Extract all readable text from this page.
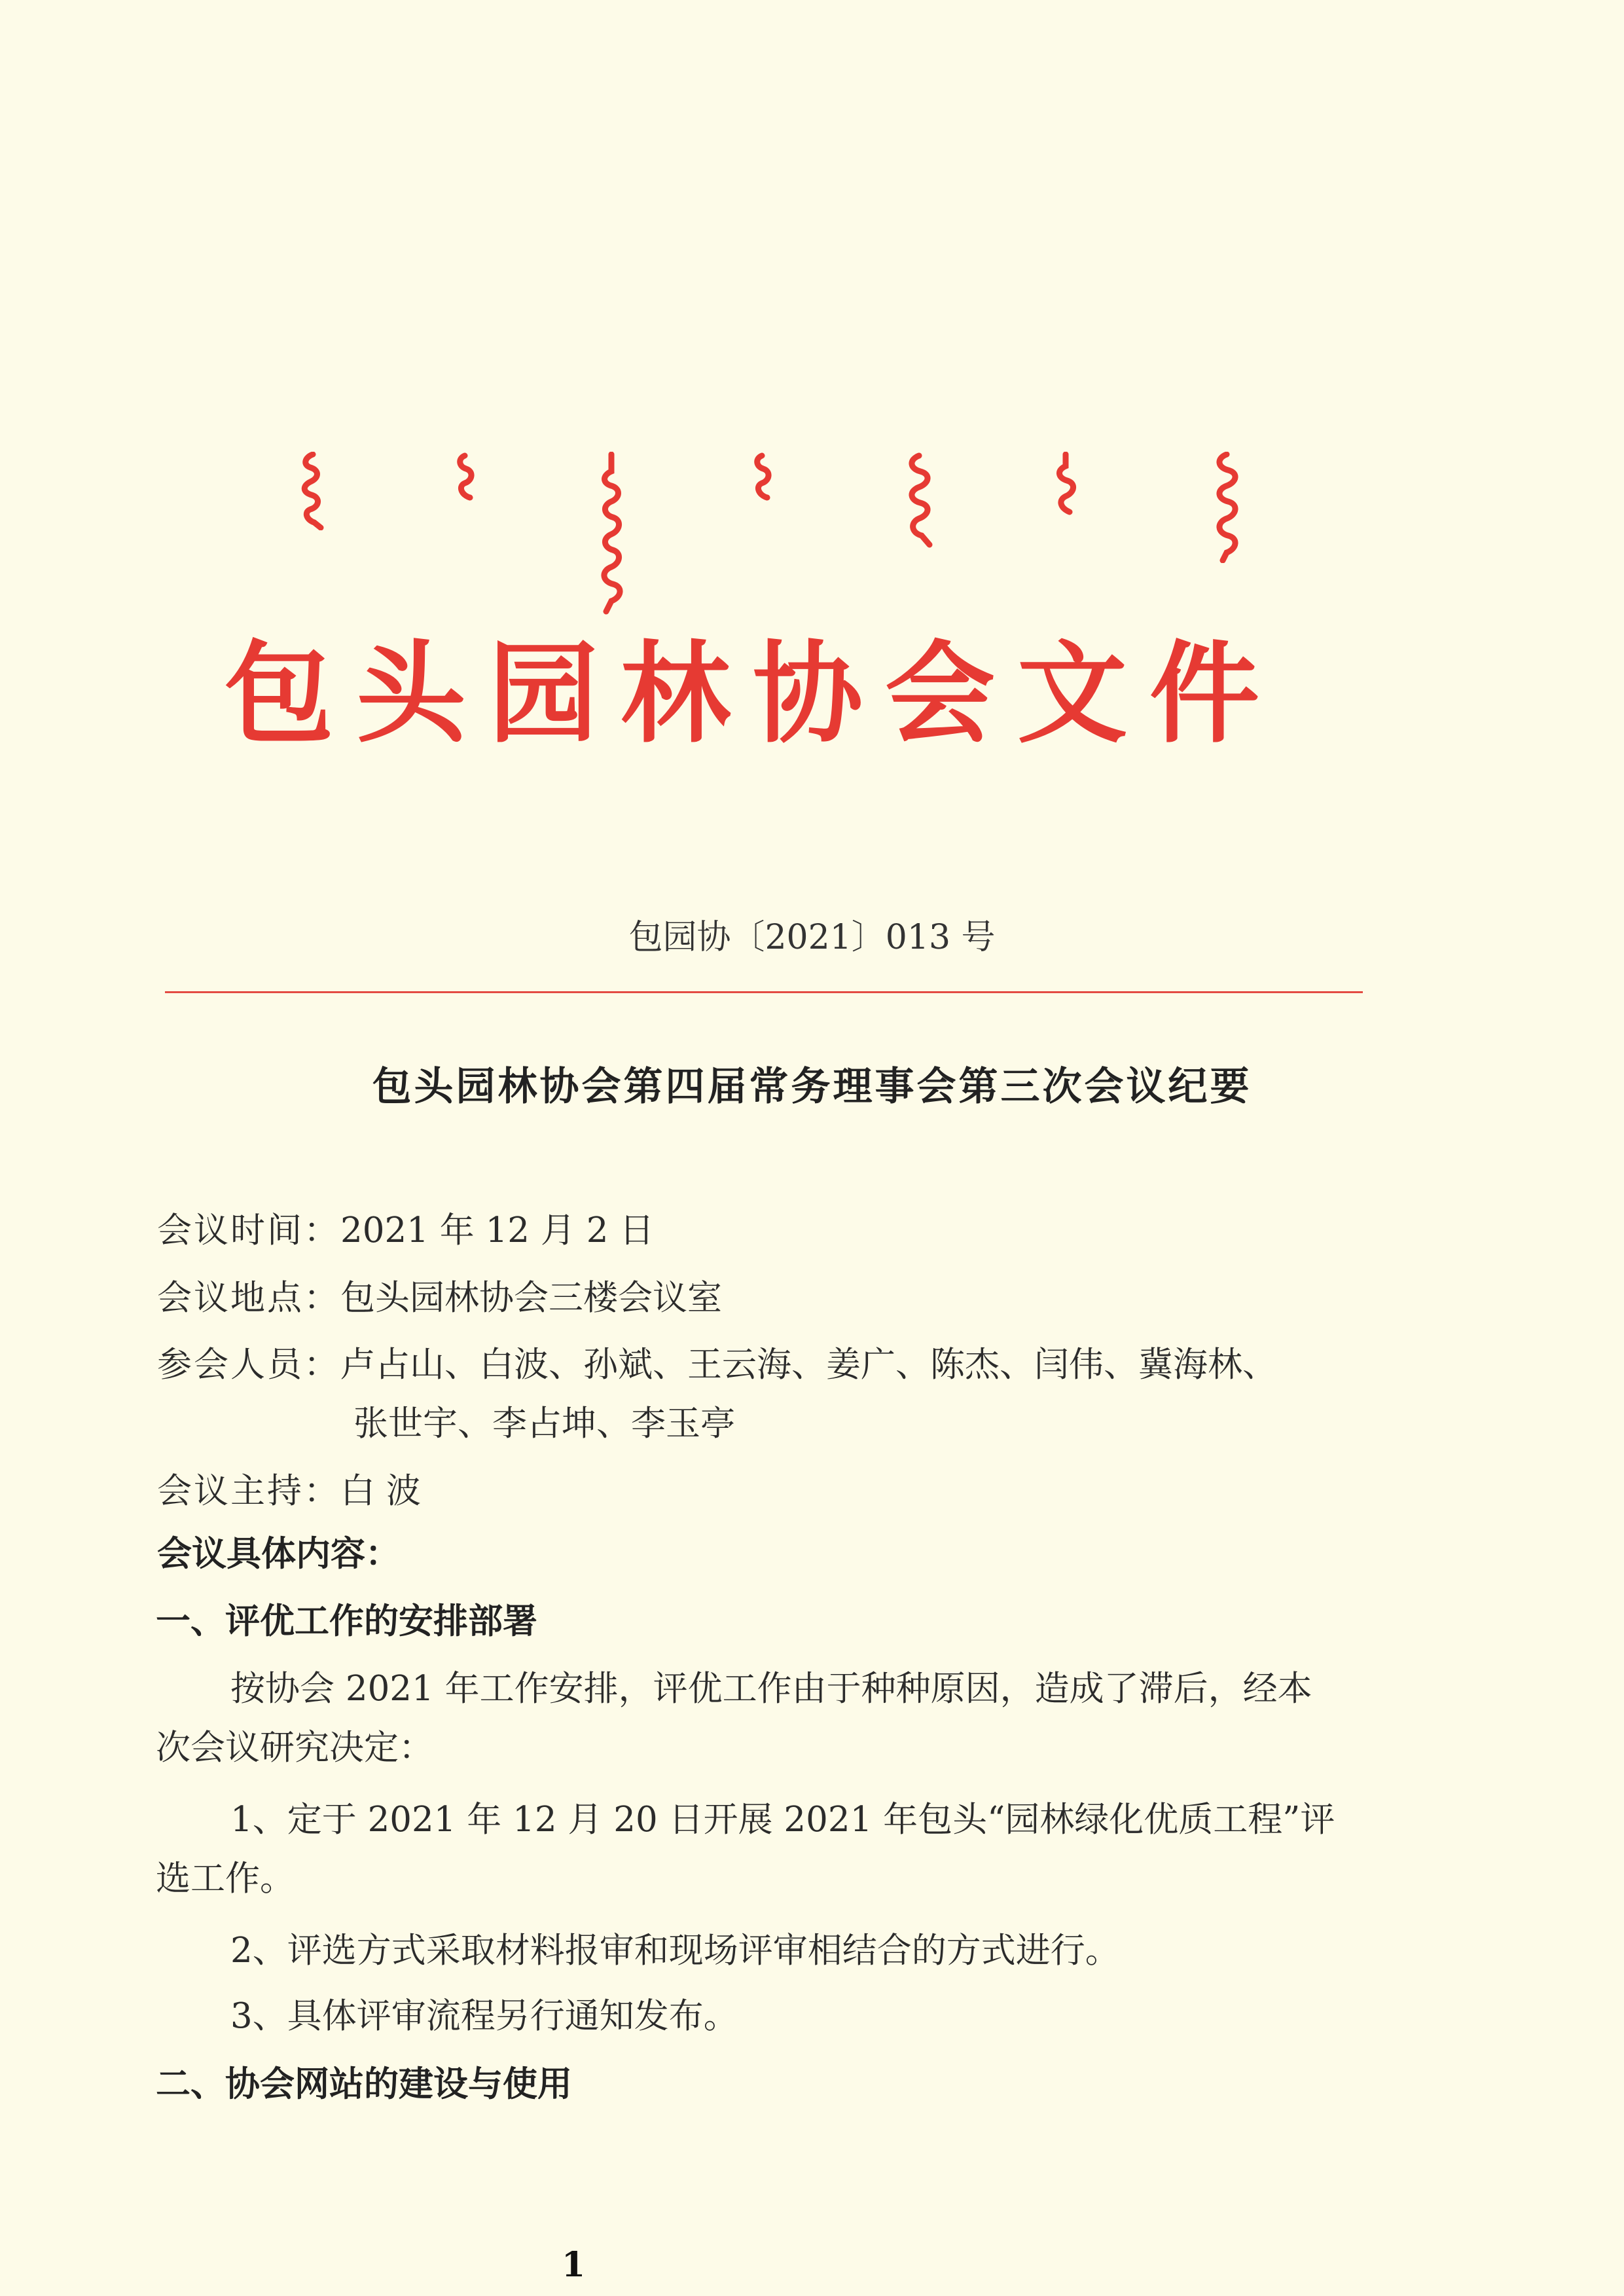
包头园林协会文件
包园协〔2021〕013 号
包头园林协会第四届常务理事会第三次会议纪要
会议时间：2021 年 12 月 2 日
会议地点：包头园林协会三楼会议室
参会人员：卢占山、白波、孙斌、王云海、姜广、陈杰、闫伟、冀海林、
张世宇、李占坤、李玉亭
会议主持：白 波
会议具体内容：
一、评优工作的安排部署
按协会 2021 年工作安排，评优工作由于种种原因，造成了滞后，经本
次会议研究决定：
1、定于 2021 年 12 月 20 日开展 2021 年包头“园林绿化优质工程”评
选工作。
2、评选方式采取材料报审和现场评审相结合的方式进行。
3、具体评审流程另行通知发布。
二、协会网站的建设与使用
1
